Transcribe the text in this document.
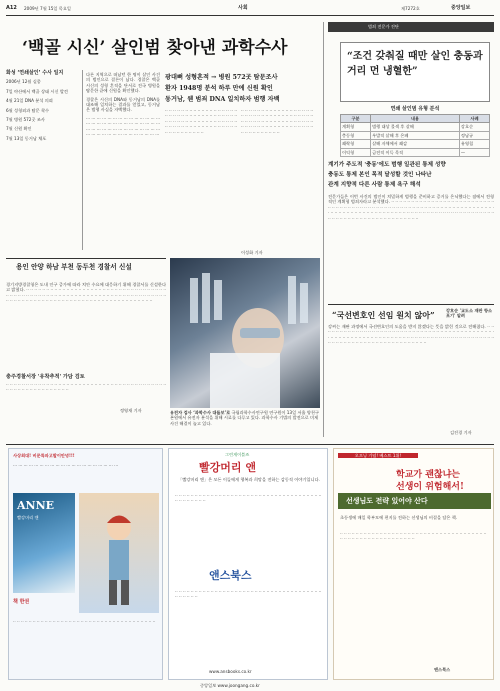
A12 2009년 7월 15일 목요일	사회	제7272호	중앙일보
‘백골 시신’ 살인범 찾아낸 과학수사
화성 ‘연쇄살인’ 수사 일지
2006년 12월 실종
7일 야산에서 백골 상태 시신 발견
4월 21일 DNA 분석 의뢰
6월 성형외과 탐문 착수
7월 병원 572곳 조사
7월 신원 확인
7월 13일 동거남 체포

다른 지역으로 떠났던 한 명이 살인 사건의 범인으로 결론이 났다. 경찰은 백골 시신의 성형 흔적을 단서로 전국 병원을 탐문한 끝에 신원을 확인했다.

경찰은 시신의 DNA와 동거남의 DNA를 대조해 일치하는 결과를 얻었고, 동거남은 범행 사실을 자백했다.

··· ··· ··· ··· ··· ··· ··· ··· ··· ··· ··· ··· ··· ··· ··· ··· ··· ··· ··· ··· ··· ··· ··· ··· ··· ··· ··· ··· ··· ··· ··· ··· ··· ··· ··· ··· ··· ··· ··· ··· ··· ··· ··· ··· ··· ··· ··· ··· ··· ··· ··· ··· ··· ··· ··· ···

광대뼈 성형흔적 → 병원 572곳 탐문조사
환자 1948명 분석 하루 만에 신원 확인
동거남, 웬 범죄 DNA 일치하자 범행 자백
·· ·· ·· ·· ·· ·· ·· ·· ·· ·· ·· ·· ·· ·· ·· ·· ·· ·· ·· ·· ·· ·· ·· ·· ·· ·· ·· ·· ·· ·· ·· ·· ·· ·· ·· ·· ·· ·· ·· ·· ·· ·· ·· ·· ·· ·· ·· ·· ·· ·· ·· ·· ·· ·· ·· ·· ·· ·· ·· ·· ·· ·· ·· ·· ·· ·· ·· ·· ·· ·· ·· ·· ·· ·· ·· ·· ·· ·· ·· ·· ·· ··
·· ·· ·· ·· ·· ·· ·· ·· ·· ·· ·· ·· ·· ·· ·· ·· ·· ·· ·· ·· ·· ·· ·· ·· ·· ·· ·· ·· ·· ·· ·· ·· ·· ·· ·· ·· ·· ·· ·· ·· ·· ·· ·· ·· ·· ·· ·· ·· ·· ·· ·· ·· ·· ·· ·· ·· ·· ·· ·· ·· ·· ·· ·· ·· ·· ·· ·· ·· ·· ·· ·· ·· ·· ·· ·· ·· ·· ·· ·· ·· ·· ··
이성화 기자
용인 안양 하남 부천 동두천 경찰서 신설
경기지방경찰청은 도내 인구 증가에 따라 치안 수요에 대응하기 위해 경찰서를 신설한다고 밝혔다. ·· ·· ·· ·· ·· ·· ·· ·· ·· ·· ·· ·· ·· ·· ·· ·· ·· ·· ·· ·· ·· ·· ·· ·· ·· ·· ·· ·· ·· ·· ·· ·· ·· ·· ·· ·· ·· ·· ·· ·· ·· ·· ·· ·· ·· ·· ·· ·· ·· ·· ·· ·· ·· ·· ·· ·· ·· ·· ·· ·· ·· ·· ·· ·· ·· ·· ·· ·· ·· ·· ·· ·· ·· ·· ·· ·· ·· ·· ·· ·· ·· ·· ·· ·· ·· ·· ·· ·· ·· ·· ·· ·· ·· ·· ·· ·· ·· ·· ·· ·· ·· ·· ·· ·· ·· ·· ·· ·· ·· ·· ·· ··
충주경찰서장 '유착추적' 가담 검토
·· ·· ·· ·· ·· ·· ·· ·· ·· ·· ·· ·· ·· ·· ·· ·· ·· ·· ·· ·· ·· ·· ·· ·· ·· ·· ·· ·· ·· ·· ·· ·· ·· ·· ·· ·· ·· ·· ·· ·· ·· ·· ·· ·· ·· ·· ·· ·· ·· ·· ·· ·· ·· ·· ·· ··
정영재 기자	유전자 검사 ‘과학수사 대들보’로 국립과학수사연구원 연구원이 13일 서울 양천구 본원에서 유전자 분석을 위해 시료를 다루고 있다. 과학수사 기법의 발전으로 미제 사건 해결이 늘고 있다.
범죄 전문가 진단
“조건 갖춰질 때만 살인 충동과 거리 먼 냉혈한”
연쇄 살인범 유형 분석
구분	내용	사례
계획형	범행 대상 물색 후 살해	강호순
충동형	우발적 살해 후 은폐	정남규
쾌락형	살해 자체에서 쾌감	유영철
이익형	금전적 이득 목적	—
계기가 주도적 '충동'에도 범행 일관된 통제 성향
충동도 통제 본인 목적 달성할 것인 나타난
관계 지향적 다른 사람 통제 욕구 해석
전문가들은 이번 사건의 범인이 치밀하게 범행을 준비하고 증거를 은닉했다는 점에서 전형적인 계획형 범죄자라고 분석했다. ·· ·· ·· ·· ·· ·· ·· ·· ·· ·· ·· ·· ·· ·· ·· ·· ·· ·· ·· ·· ·· ·· ·· ·· ·· ·· ·· ·· ·· ·· ·· ·· ·· ·· ·· ·· ·· ·· ·· ·· ·· ·· ·· ·· ·· ·· ·· ·· ·· ·· ·· ·· ·· ·· ·· ·· ·· ·· ·· ·· ·· ·· ·· ·· ·· ·· ·· ·· ·· ·· ·· ·· ·· ·· ·· ·· ·· ·· ·· ·· ·· ·· ·· ·· ·· ·· ·· ·· ·· ·· ·· ·· ·· ·· ·· ·· ·· ·· ·· ·· ·· ·· ·· ·· ·· ·· ·· ·· ·· ·· ·· ·· ·· ·· ·· ·· ·· ·· ·· ·· ·· ·· ·· ·· ·· ·· ·· ·· ·· ·· ·· ··
“국선변호인 선임 원치 않아”	강호순 '교도소 재판 항소 포기' 알려
강씨는 재판 과정에서 국선변호인의 도움을 받지 않겠다는 뜻을 밝힌 것으로 전해졌다. ·· ·· ·· ·· ·· ·· ·· ·· ·· ·· ·· ·· ·· ·· ·· ·· ·· ·· ·· ·· ·· ·· ·· ·· ·· ·· ·· ·· ·· ·· ·· ·· ·· ·· ·· ·· ·· ·· ·· ·· ·· ·· ·· ·· ·· ·· ·· ·· ·· ·· ·· ·· ·· ·· ·· ·· ·· ·· ·· ·· ·· ·· ·· ·· ·· ·· ·· ·· ·· ·· ·· ·· ·· ·· ·· ·· ·· ·· ·· ·· ·· ·· ·· ·· ·· ·· ·· ·· ·· ·· ·· ·· ·· ·· ·· ·· ·· ·· ·· ·· ·· ·· ·· ·· ·· ·· ·· ·· ·· ··
김진경 기자
사상최대! 비문특파고발이안녕!!!
··· ··· ··· ··· ··· ··· ··· ··· ··· ··· ··· ··· ··· ··· ··· ··· ··· ··· ··· ···
ANNE
빨강머리 앤
책 한권
·· ·· ·· ·· ·· ·· ·· ·· ·· ·· ·· ·· ·· ·· ·· ·· ·· ·· ·· ·· ·· ·· ·· ·· ·· ·· ·· ·· ·· ·· ·· ·· ·· ·· ·· ··
그린게이블즈
빨강머리 앤
「빨강머리 앤」은 모든 이들에게 행복과 희망을 전하는 감동적 이야기입니다.
·· ·· ·· ·· ·· ·· ·· ·· ·· ·· ·· ·· ·· ·· ·· ·· ·· ·· ·· ·· ·· ·· ·· ·· ·· ·· ·· ·· ·· ·· ·· ·· ·· ·· ·· ·· ·· ·· ·· ·· ·· ·· ·· ·· ··
앤스북스
·· ·· ·· ·· ·· ·· ·· ·· ·· ·· ·· ·· ·· ·· ·· ·· ·· ·· ·· ·· ·· ·· ·· ·· ·· ·· ·· ·· ·· ·· ·· ·· ·· ·· ·· ·· ·· ·· ·· ·· ·· ·· ··
www.ansbooks.co.kr
오프닝 기념! 베스트 1위!
학교가 괜찮냐는
선생이 위험해서!
선생님도 전략 있어야 산다
초등생에 매일 학부모에 편지를 전하는 선생님의 비결을 담은 책.
·· ·· ·· ·· ·· ·· ·· ·· ·· ·· ·· ·· ·· ·· ·· ·· ·· ·· ·· ·· ·· ·· ·· ·· ·· ·· ·· ·· ·· ·· ·· ·· ·· ·· ·· ·· ·· ·· ·· ·· ·· ·· ·· ·· ·· ·· ·· ·· ·· ·· ·· ·· ·· ·· ·· ··
앤스북스
중앙일보 www.joongang.co.kr
